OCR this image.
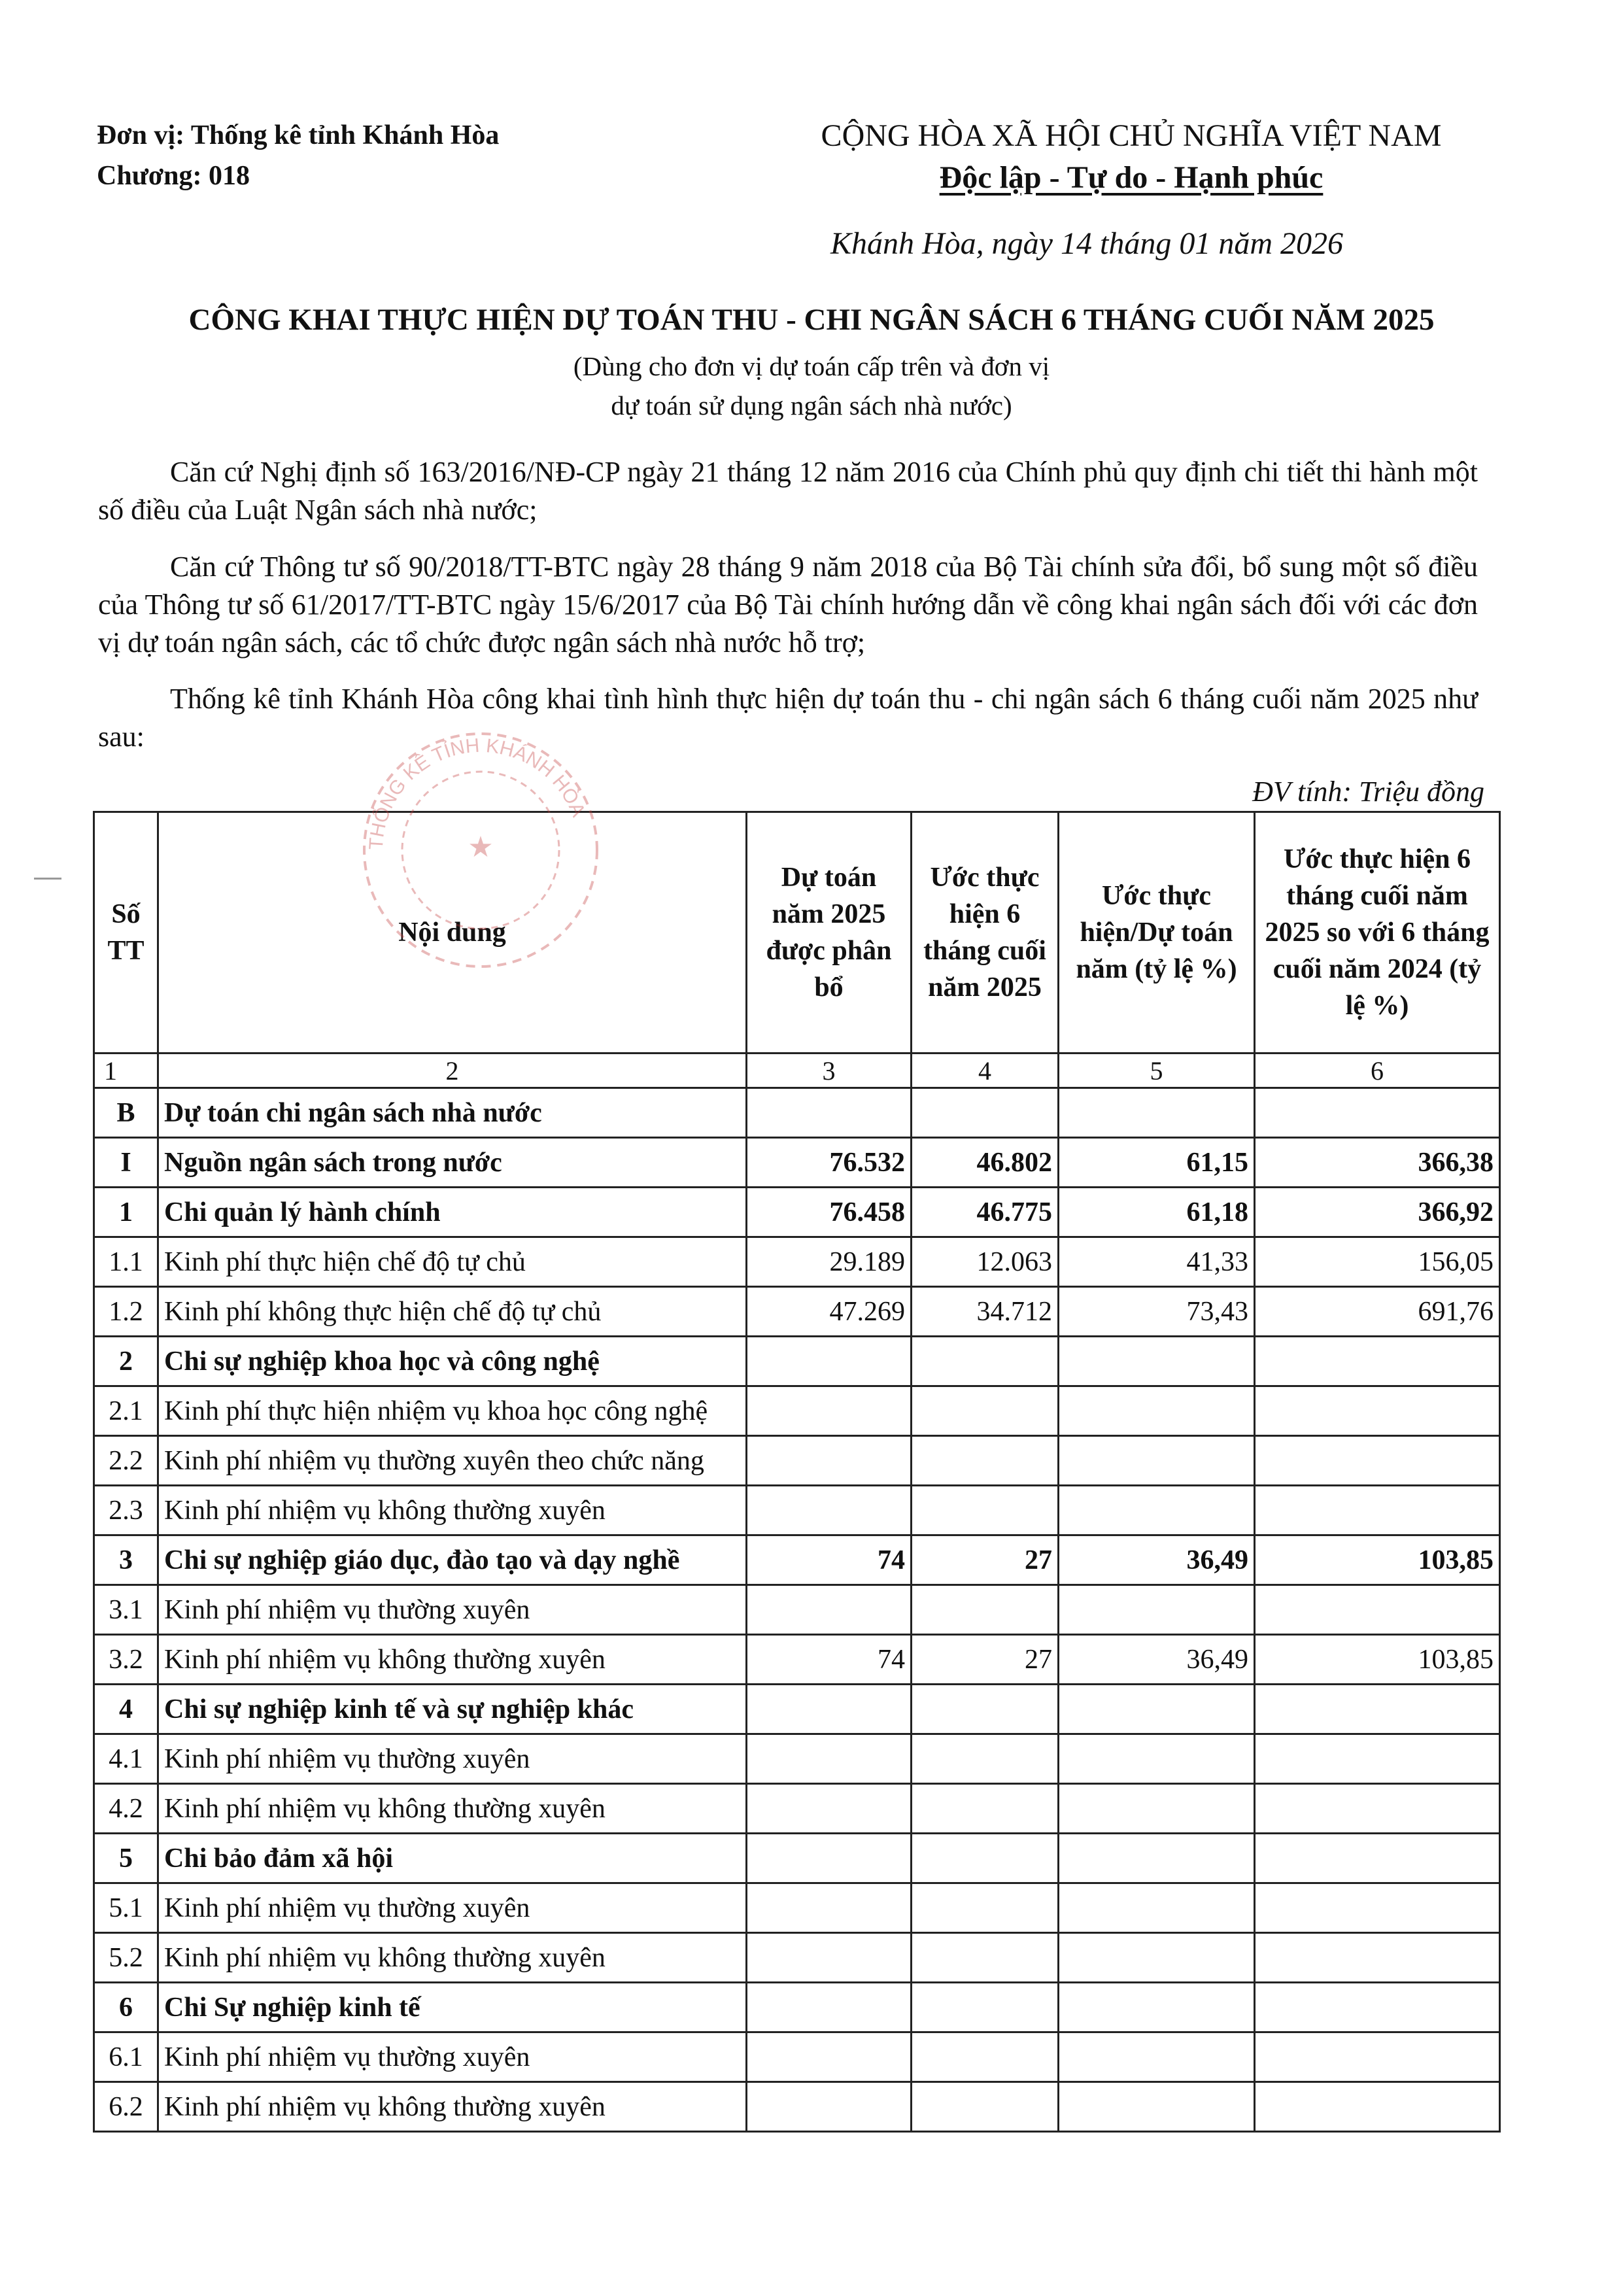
Đơn vị: Thống kê tỉnh Khánh Hòa
Chương: 018
CỘNG HÒA XÃ HỘI CHỦ NGHĨA VIỆT NAM
Độc lập - Tự do - Hạnh phúc
Khánh Hòa, ngày 14 tháng 01 năm 2026
CÔNG KHAI THỰC HIỆN DỰ TOÁN THU - CHI NGÂN SÁCH 6 THÁNG CUỐI NĂM 2025
(Dùng cho đơn vị dự toán cấp trên và đơn vị
dự toán sử dụng ngân sách nhà nước)
Căn cứ Nghị định số 163/2016/NĐ-CP ngày 21 tháng 12 năm 2016 của Chính phủ quy định chi tiết thi hành một số điều của Luật Ngân sách nhà nước;
Căn cứ Thông tư số 90/2018/TT-BTC ngày 28 tháng 9 năm 2018 của Bộ Tài chính sửa đổi, bổ sung một số điều của Thông tư số 61/2017/TT-BTC ngày 15/6/2017 của Bộ Tài chính hướng dẫn về công khai ngân sách đối với các đơn vị dự toán ngân sách, các tổ chức được ngân sách nhà nước hỗ trợ;
Thống kê tỉnh Khánh Hòa công khai tình hình thực hiện dự toán thu - chi ngân sách 6 tháng cuối năm 2025 như sau:
ĐV tính: Triệu đồng
Số TT	Nội dung	Dự toán năm 2025 được phân bổ	Ước thực hiện 6 tháng cuối năm 2025	Ước thực hiện/Dự toán năm (tỷ lệ %)	Ước thực hiện 6 tháng cuối năm 2025 so với 6 tháng cuối năm 2024 (tỷ lệ %)
1	2	3	4	5	6
B	Dự toán chi ngân sách nhà nước				
I	Nguồn ngân sách trong nước	76.532	46.802	61,15	366,38
1	Chi quản lý hành chính	76.458	46.775	61,18	366,92
1.1	Kinh phí thực hiện chế độ tự chủ	29.189	12.063	41,33	156,05
1.2	Kinh phí không thực hiện chế độ tự chủ	47.269	34.712	73,43	691,76
2	Chi sự nghiệp khoa học và công nghệ				
2.1	Kinh phí thực hiện nhiệm vụ khoa học công nghệ				
2.2	Kinh phí nhiệm vụ thường xuyên theo chức năng				
2.3	Kinh phí nhiệm vụ không thường xuyên				
3	Chi sự nghiệp giáo dục, đào tạo và dạy nghề	74	27	36,49	103,85
3.1	Kinh phí nhiệm vụ thường xuyên				
3.2	Kinh phí nhiệm vụ không thường xuyên	74	27	36,49	103,85
4	Chi sự nghiệp kinh tế và sự nghiệp khác				
4.1	Kinh phí nhiệm vụ thường xuyên				
4.2	Kinh phí nhiệm vụ không thường xuyên				
5	Chi bảo đảm xã hội				
5.1	Kinh phí nhiệm vụ thường xuyên				
5.2	Kinh phí nhiệm vụ không thường xuyên				
6	Chi Sự nghiệp kinh tế				
6.1	Kinh phí nhiệm vụ thường xuyên				
6.2	Kinh phí nhiệm vụ không thường xuyên				
THỐNG KÊ TỈNH KHÁNH HÒA
★
